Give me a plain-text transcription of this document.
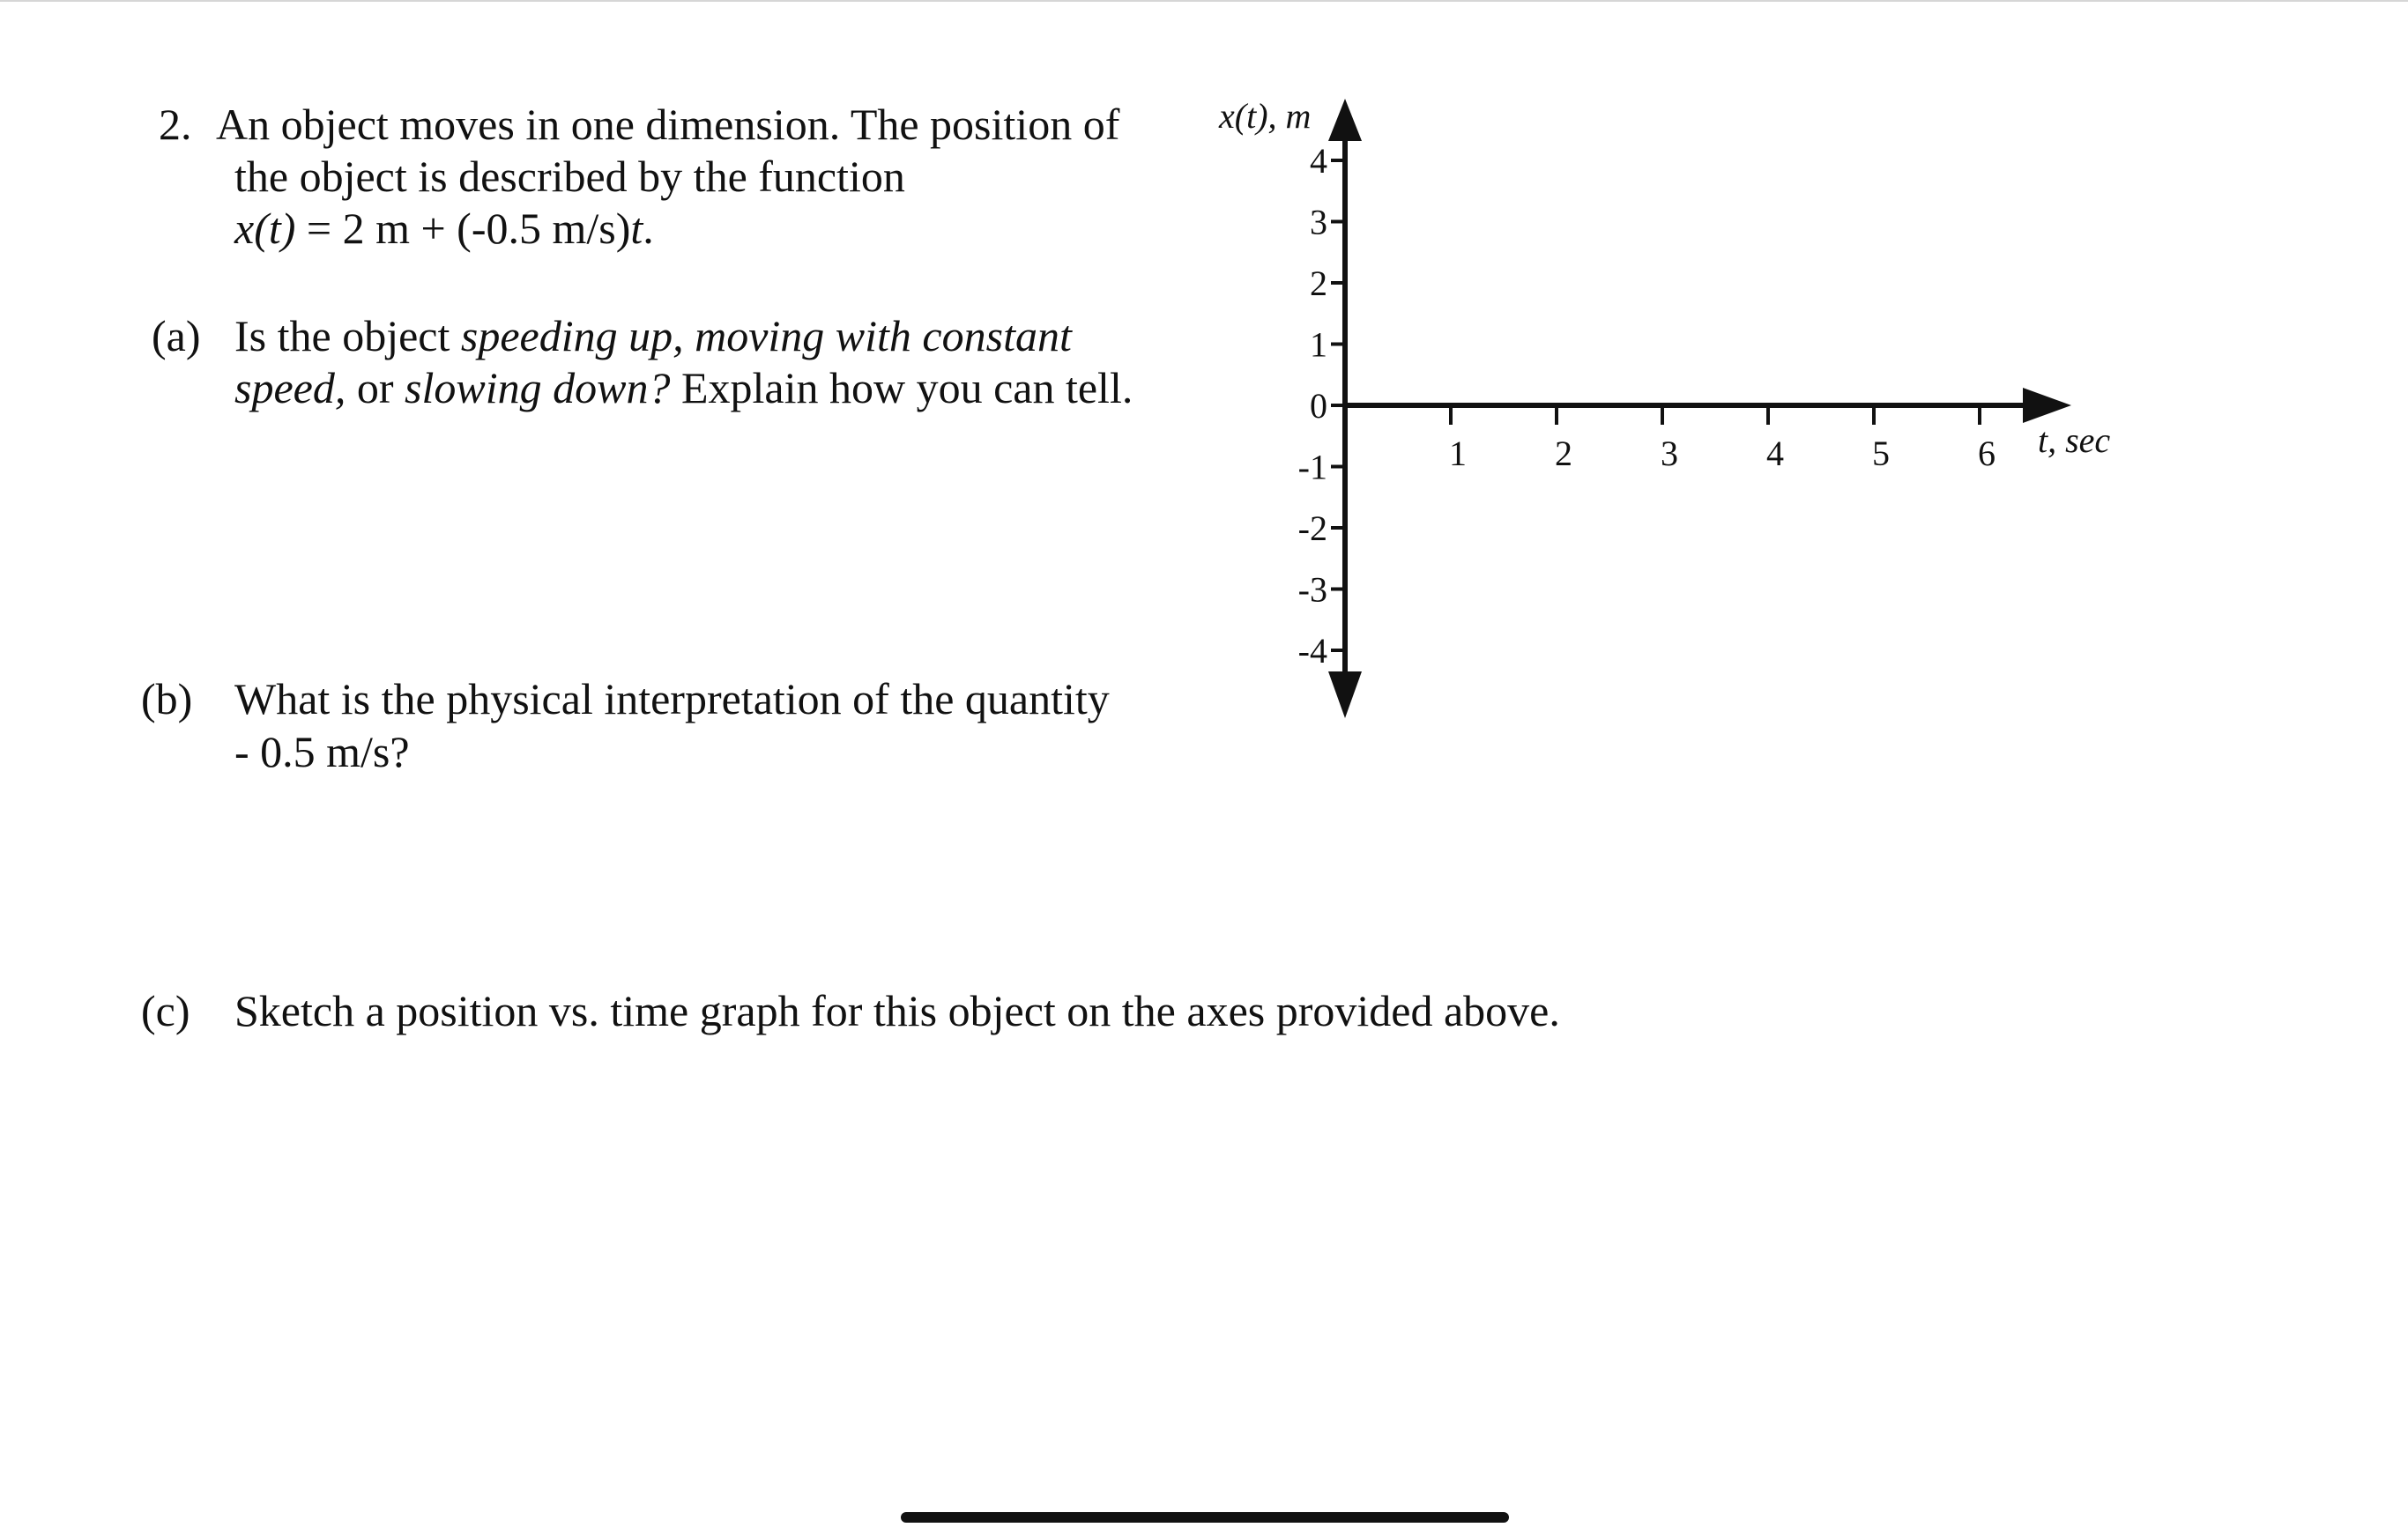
2. An object moves in one dimension. The position of
the object is described by the function
x(t) = 2 m + (-0.5 m/s)t.
(a) Is the object speeding up, moving with constant
speed, or slowing down? Explain how you can tell.
(b) What is the physical interpretation of the quantity
- 0.5 m/s?
(c) Sketch a position vs. time graph for this object on the axes provided above.
4
3
2
1
0
-1
-2
-3
-4
1	2	3	4	5	6
x(t), m
t, sec
